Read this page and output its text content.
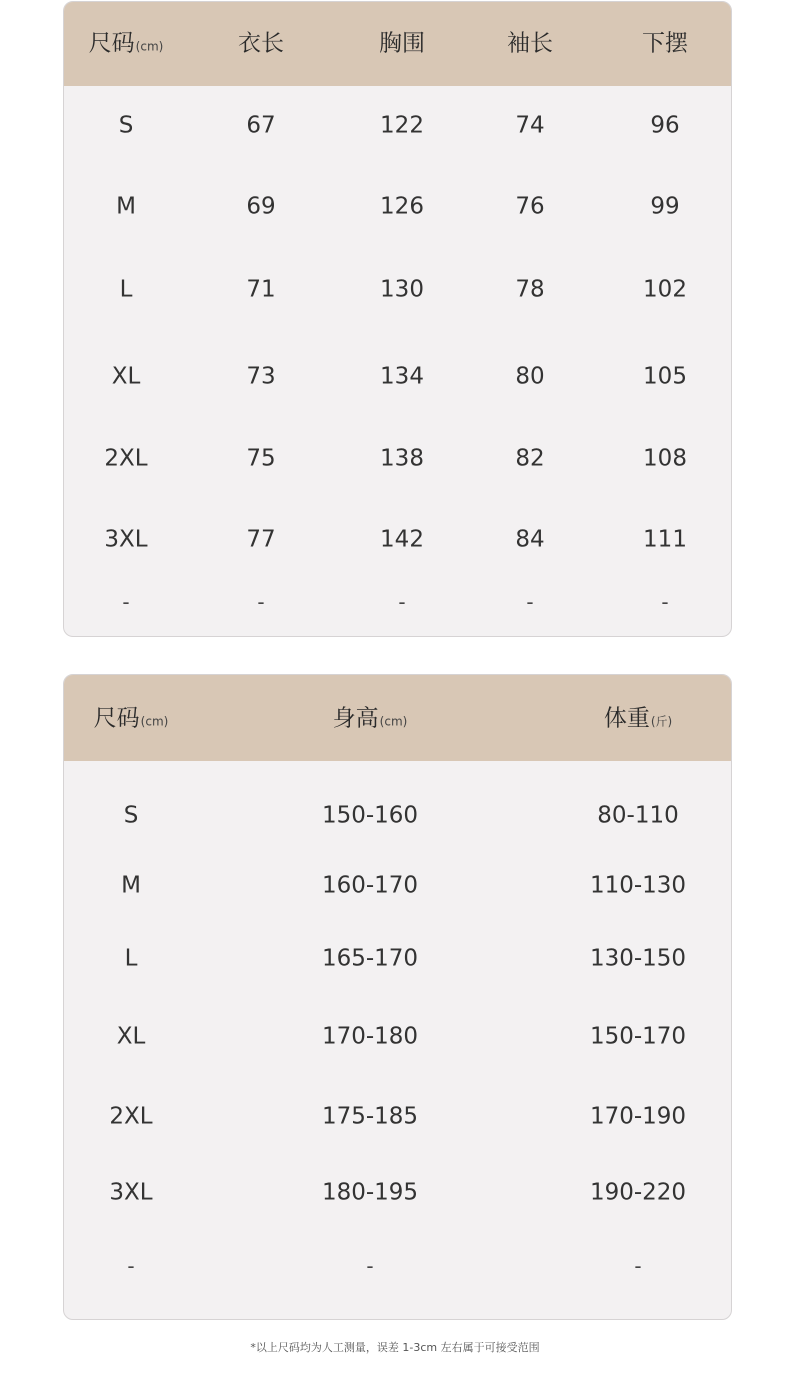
尺码(cm)	衣长	胸围	袖长	下摆
S	67	122	74	96
M	69	126	76	99
L	71	130	78	102
XL	73	134	80	105
2XL	75	138	82	108
3XL	77	142	84	111
-	-	-	-	-
尺码(cm)	身高(cm)	体重(斤)
S	150-160	80-110
M	160-170	110-130
L	165-170	130-150
XL	170-180	150-170
2XL	175-185	170-190
3XL	180-195	190-220
-	-	-
*以上尺码均为人工测量，误差 1-3cm 左右属于可接受范围
